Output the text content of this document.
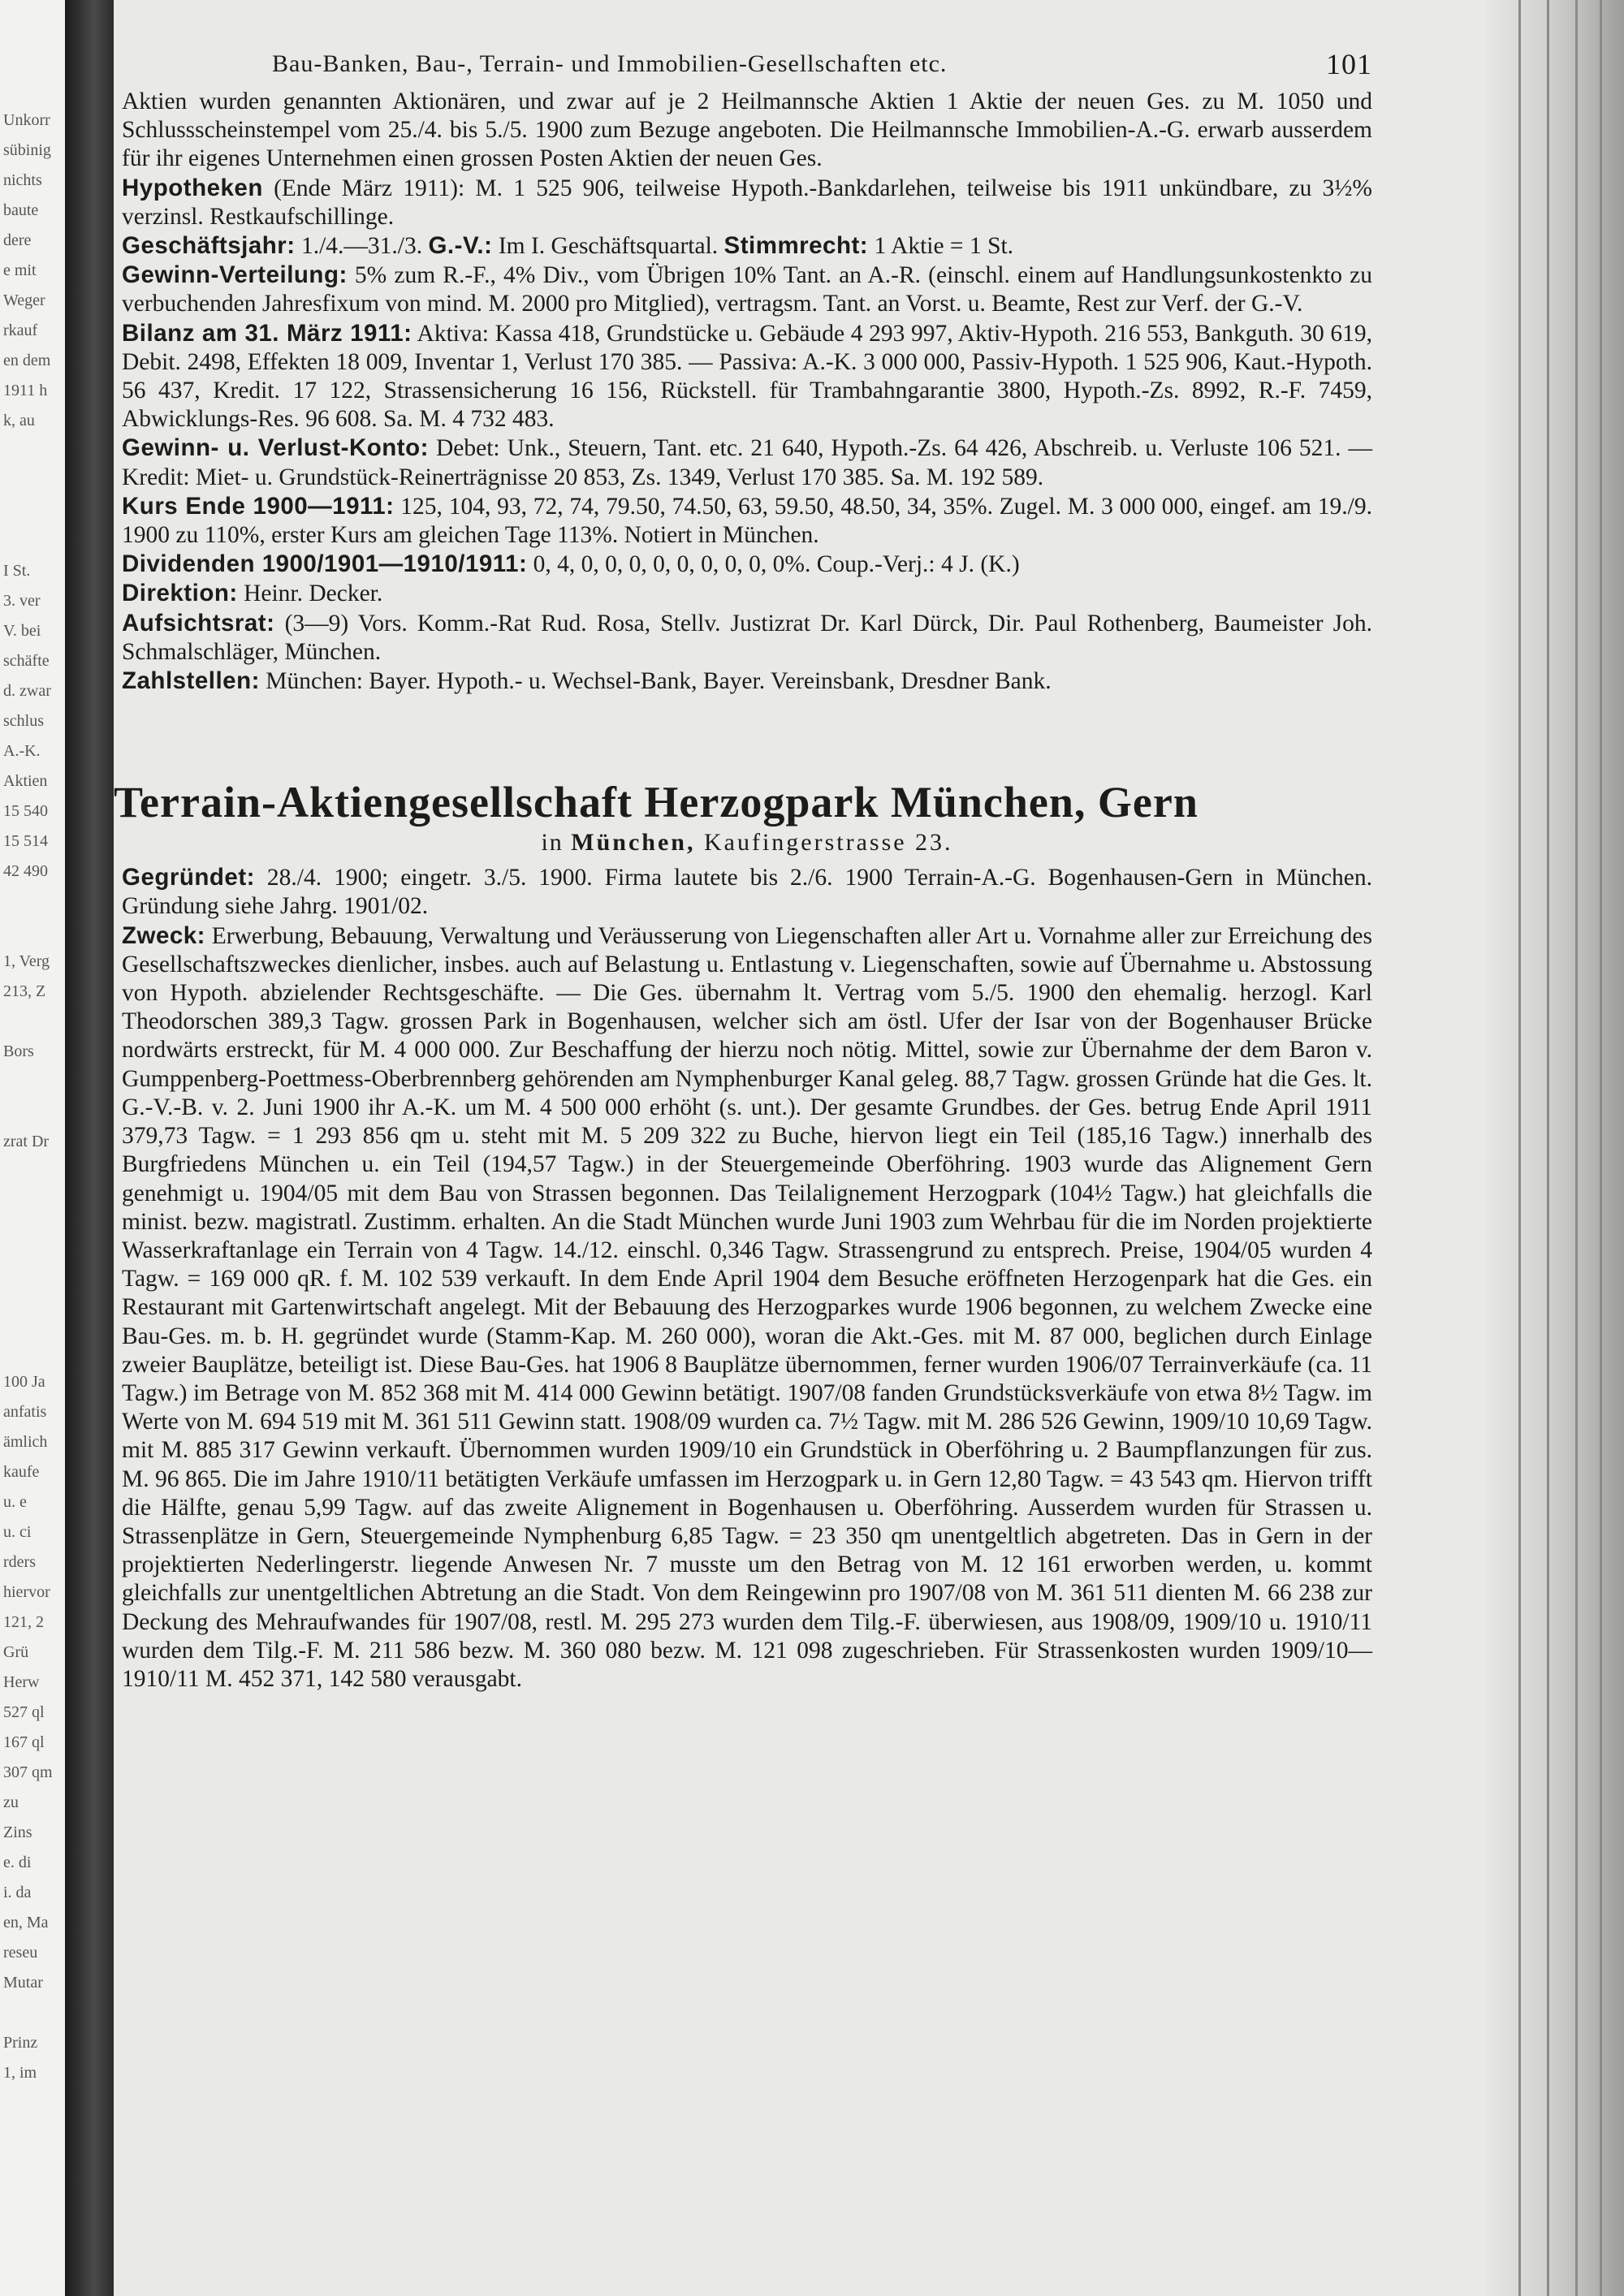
Unkorr
sübinig
nichts
baute
dere
e mit
Weger
rkauf
en dem
1911 h
k, au

I St.
3. ver
V. bei
schäfte
d. zwar
schlus
A.-K.
Aktien
15 540
15 514
42 490

1, Verg
213, Z

Bors

zrat Dr

100 Ja
anfatis
ämlich
kaufe
u. e
u. ci
rders
hiervor
121, 2
Grü
Herw
527 ql
167 ql
307 qm
zu
Zins
e. di
i. da
en, Ma
reseu
Mutar

Prinz
1, im
Bau-Banken, Bau-, Terrain- und Immobilien-Gesellschaften etc.	101

Aktien wurden genannten Aktionären, und zwar auf je 2 Heilmannsche Aktien 1 Aktie der neuen Ges. zu M. 1050 und Schlussscheinstempel vom 25./4. bis 5./5. 1900 zum Bezuge angeboten. Die Heilmannsche Immobilien-A.-G. erwarb ausserdem für ihr eigenes Unternehmen einen grossen Posten Aktien der neuen Ges.

Hypotheken (Ende März 1911): M. 1 525 906, teilweise Hypoth.-Bankdarlehen, teilweise bis 1911 unkündbare, zu 3½% verzinsl. Restkaufschillinge.

Geschäftsjahr: 1./4.—31./3. G.-V.: Im I. Geschäftsquartal. Stimmrecht: 1 Aktie = 1 St.

Gewinn-Verteilung: 5% zum R.-F., 4% Div., vom Übrigen 10% Tant. an A.-R. (einschl. einem auf Handlungsunkostenkto zu verbuchenden Jahresfixum von mind. M. 2000 pro Mitglied), vertragsm. Tant. an Vorst. u. Beamte, Rest zur Verf. der G.-V.

Bilanz am 31. März 1911: Aktiva: Kassa 418, Grundstücke u. Gebäude 4 293 997, Aktiv-Hypoth. 216 553, Bankguth. 30 619, Debit. 2498, Effekten 18 009, Inventar 1, Verlust 170 385. — Passiva: A.-K. 3 000 000, Passiv-Hypoth. 1 525 906, Kaut.-Hypoth. 56 437, Kredit. 17 122, Strassensicherung 16 156, Rückstell. für Trambahngarantie 3800, Hypoth.-Zs. 8992, R.-F. 7459, Abwicklungs-Res. 96 608. Sa. M. 4 732 483.

Gewinn- u. Verlust-Konto: Debet: Unk., Steuern, Tant. etc. 21 640, Hypoth.-Zs. 64 426, Abschreib. u. Verluste 106 521. — Kredit: Miet- u. Grundstück-Reinerträgnisse 20 853, Zs. 1349, Verlust 170 385. Sa. M. 192 589.

Kurs Ende 1900—1911: 125, 104, 93, 72, 74, 79.50, 74.50, 63, 59.50, 48.50, 34, 35%. Zugel. M. 3 000 000, eingef. am 19./9. 1900 zu 110%, erster Kurs am gleichen Tage 113%. Notiert in München.

Dividenden 1900/1901—1910/1911: 0, 4, 0, 0, 0, 0, 0, 0, 0, 0, 0%. Coup.-Verj.: 4 J. (K.)

Direktion: Heinr. Decker.

Aufsichtsrat: (3—9) Vors. Komm.-Rat Rud. Rosa, Stellv. Justizrat Dr. Karl Dürck, Dir. Paul Rothenberg, Baumeister Joh. Schmalschläger, München.

Zahlstellen: München: Bayer. Hypoth.- u. Wechsel-Bank, Bayer. Vereinsbank, Dresdner Bank.

Terrain-Aktiengesellschaft Herzogpark München, Gern
in München, Kaufingerstrasse 23.

Gegründet: 28./4. 1900; eingetr. 3./5. 1900. Firma lautete bis 2./6. 1900 Terrain-A.-G. Bogenhausen-Gern in München. Gründung siehe Jahrg. 1901/02.

Zweck: Erwerbung, Bebauung, Verwaltung und Veräusserung von Liegenschaften aller Art u. Vornahme aller zur Erreichung des Gesellschaftszweckes dienlicher, insbes. auch auf Belastung u. Entlastung v. Liegenschaften, sowie auf Übernahme u. Abstossung von Hypoth. abzielender Rechtsgeschäfte. — Die Ges. übernahm lt. Vertrag vom 5./5. 1900 den ehemalig. herzogl. Karl Theodorschen 389,3 Tagw. grossen Park in Bogenhausen, welcher sich am östl. Ufer der Isar von der Bogenhauser Brücke nordwärts erstreckt, für M. 4 000 000. Zur Beschaffung der hierzu noch nötig. Mittel, sowie zur Übernahme der dem Baron v. Gumppenberg-Poettmess-Oberbrennberg gehörenden am Nymphenburger Kanal geleg. 88,7 Tagw. grossen Gründe hat die Ges. lt. G.-V.-B. v. 2. Juni 1900 ihr A.-K. um M. 4 500 000 erhöht (s. unt.). Der gesamte Grundbes. der Ges. betrug Ende April 1911 379,73 Tagw. = 1 293 856 qm u. steht mit M. 5 209 322 zu Buche, hiervon liegt ein Teil (185,16 Tagw.) innerhalb des Burgfriedens München u. ein Teil (194,57 Tagw.) in der Steuergemeinde Oberföhring. 1903 wurde das Alignement Gern genehmigt u. 1904/05 mit dem Bau von Strassen begonnen. Das Teilalignement Herzogpark (104½ Tagw.) hat gleichfalls die minist. bezw. magistratl. Zustimm. erhalten. An die Stadt München wurde Juni 1903 zum Wehrbau für die im Norden projektierte Wasserkraftanlage ein Terrain von 4 Tagw. 14./12. einschl. 0,346 Tagw. Strassengrund zu entsprech. Preise, 1904/05 wurden 4 Tagw. = 169 000 qR. f. M. 102 539 verkauft. In dem Ende April 1904 dem Besuche eröffneten Herzogenpark hat die Ges. ein Restaurant mit Gartenwirtschaft angelegt. Mit der Bebauung des Herzogparkes wurde 1906 begonnen, zu welchem Zwecke eine Bau-Ges. m. b. H. gegründet wurde (Stamm-Kap. M. 260 000), woran die Akt.-Ges. mit M. 87 000, beglichen durch Einlage zweier Bauplätze, beteiligt ist. Diese Bau-Ges. hat 1906 8 Bauplätze übernommen, ferner wurden 1906/07 Terrainverkäufe (ca. 11 Tagw.) im Betrage von M. 852 368 mit M. 414 000 Gewinn betätigt. 1907/08 fanden Grundstücksverkäufe von etwa 8½ Tagw. im Werte von M. 694 519 mit M. 361 511 Gewinn statt. 1908/09 wurden ca. 7½ Tagw. mit M. 286 526 Gewinn, 1909/10 10,69 Tagw. mit M. 885 317 Gewinn verkauft. Übernommen wurden 1909/10 ein Grundstück in Oberföhring u. 2 Baumpflanzungen für zus. M. 96 865. Die im Jahre 1910/11 betätigten Verkäufe umfassen im Herzogpark u. in Gern 12,80 Tagw. = 43 543 qm. Hiervon trifft die Hälfte, genau 5,99 Tagw. auf das zweite Alignement in Bogenhausen u. Oberföhring. Ausserdem wurden für Strassen u. Strassenplätze in Gern, Steuergemeinde Nymphenburg 6,85 Tagw. = 23 350 qm unentgeltlich abgetreten. Das in Gern in der projektierten Nederlingerstr. liegende Anwesen Nr. 7 musste um den Betrag von M. 12 161 erworben werden, u. kommt gleichfalls zur unentgeltlichen Abtretung an die Stadt. Von dem Reingewinn pro 1907/08 von M. 361 511 dienten M. 66 238 zur Deckung des Mehraufwandes für 1907/08, restl. M. 295 273 wurden dem Tilg.-F. überwiesen, aus 1908/09, 1909/10 u. 1910/11 wurden dem Tilg.-F. M. 211 586 bezw. M. 360 080 bezw. M. 121 098 zugeschrieben. Für Strassenkosten wurden 1909/10—1910/11 M. 452 371, 142 580 verausgabt.
